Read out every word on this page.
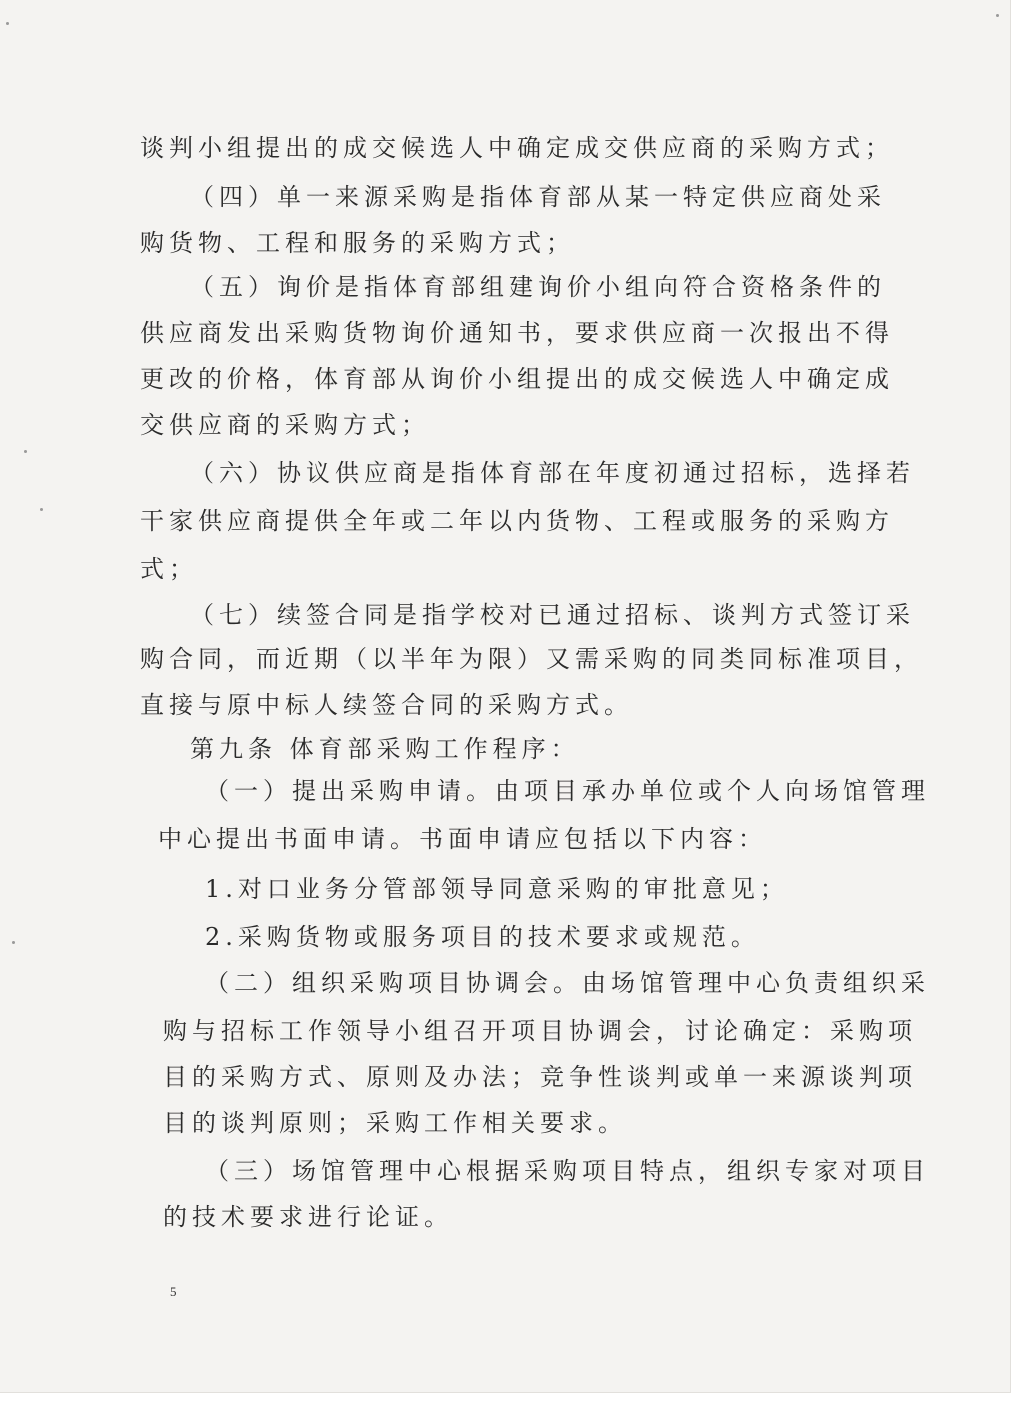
谈判小组提出的成交候选人中确定成交供应商的采购方式；
（四）单一来源采购是指体育部从某一特定供应商处采
购货物、工程和服务的采购方式；
（五）询价是指体育部组建询价小组向符合资格条件的
供应商发出采购货物询价通知书，要求供应商一次报出不得
更改的价格，体育部从询价小组提出的成交候选人中确定成
交供应商的采购方式；
（六）协议供应商是指体育部在年度初通过招标，选择若
干家供应商提供全年或二年以内货物、工程或服务的采购方
式；
（七）续签合同是指学校对已通过招标、谈判方式签订采
购合同，而近期（以半年为限）又需采购的同类同标准项目，
直接与原中标人续签合同的采购方式。
第九条 体育部采购工作程序：
（一）提出采购申请。由项目承办单位或个人向场馆管理
中心提出书面申请。书面申请应包括以下内容：
1.对口业务分管部领导同意采购的审批意见；
2.采购货物或服务项目的技术要求或规范。
（二）组织采购项目协调会。由场馆管理中心负责组织采
购与招标工作领导小组召开项目协调会，讨论确定：采购项
目的采购方式、原则及办法；竞争性谈判或单一来源谈判项
目的谈判原则；采购工作相关要求。
（三）场馆管理中心根据采购项目特点，组织专家对项目
的技术要求进行论证。
5
